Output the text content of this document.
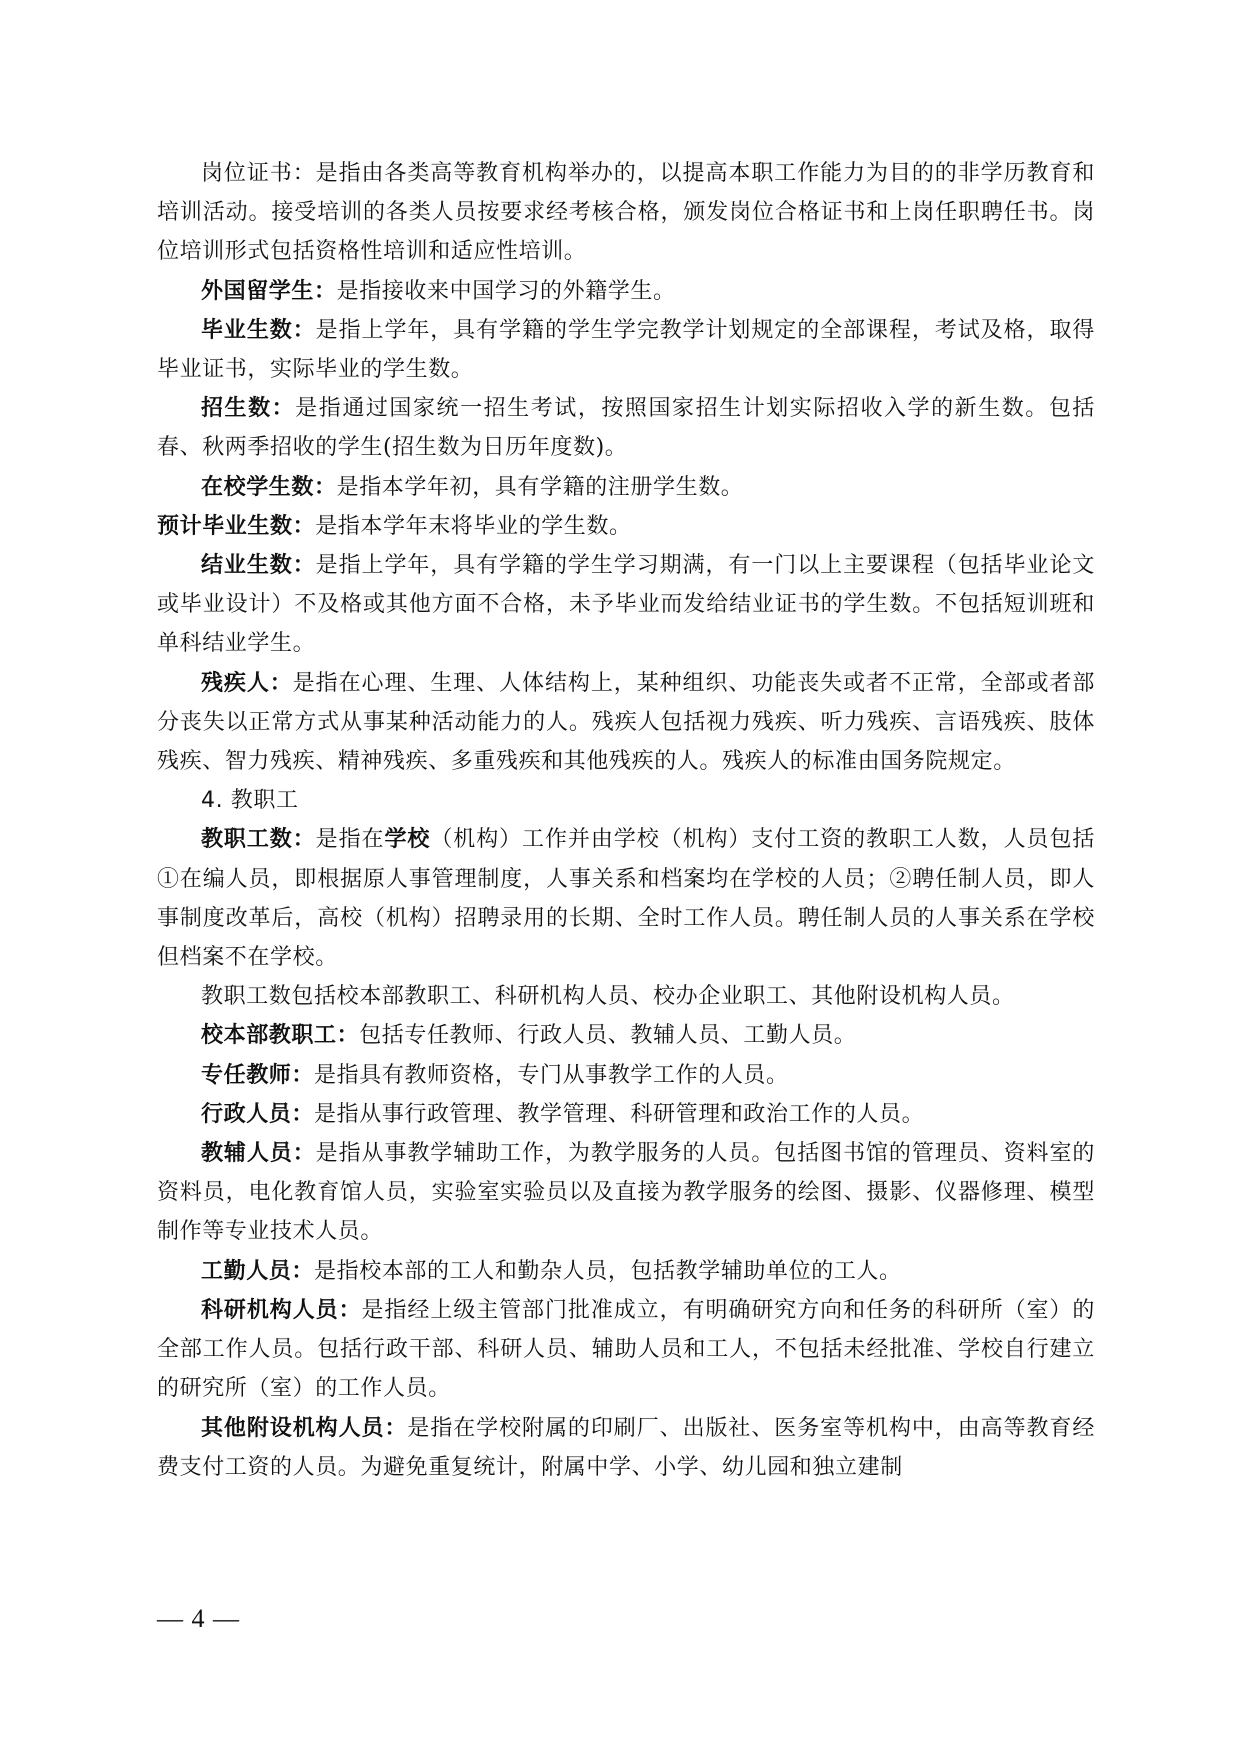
岗位证书：是指由各类高等教育机构举办的，以提高本职工作能力为目的的非学历教育和培训活动。接受培训的各类人员按要求经考核合格，颁发岗位合格证书和上岗任职聘任书。岗位培训形式包括资格性培训和适应性培训。

外国留学生：是指接收来中国学习的外籍学生。

毕业生数：是指上学年，具有学籍的学生学完教学计划规定的全部课程，考试及格，取得毕业证书，实际毕业的学生数。

招生数：是指通过国家统一招生考试，按照国家招生计划实际招收入学的新生数。包括春、秋两季招收的学生(招生数为日历年度数)。

在校学生数：是指本学年初，具有学籍的注册学生数。

预计毕业生数：是指本学年末将毕业的学生数。

结业生数：是指上学年，具有学籍的学生学习期满，有一门以上主要课程（包括毕业论文或毕业设计）不及格或其他方面不合格，未予毕业而发给结业证书的学生数。不包括短训班和单科结业学生。

残疾人：是指在心理、生理、人体结构上，某种组织、功能丧失或者不正常，全部或者部分丧失以正常方式从事某种活动能力的人。残疾人包括视力残疾、听力残疾、言语残疾、肢体残疾、智力残疾、精神残疾、多重残疾和其他残疾的人。残疾人的标准由国务院规定。

4. 教职工

教职工数：是指在学校（机构）工作并由学校（机构）支付工资的教职工人数，人员包括①在编人员，即根据原人事管理制度，人事关系和档案均在学校的人员；②聘任制人员，即人事制度改革后，高校（机构）招聘录用的长期、全时工作人员。聘任制人员的人事关系在学校但档案不在学校。

教职工数包括校本部教职工、科研机构人员、校办企业职工、其他附设机构人员。

校本部教职工：包括专任教师、行政人员、教辅人员、工勤人员。

专任教师：是指具有教师资格，专门从事教学工作的人员。

行政人员：是指从事行政管理、教学管理、科研管理和政治工作的人员。

教辅人员：是指从事教学辅助工作，为教学服务的人员。包括图书馆的管理员、资料室的资料员，电化教育馆人员，实验室实验员以及直接为教学服务的绘图、摄影、仪器修理、模型制作等专业技术人员。

工勤人员：是指校本部的工人和勤杂人员，包括教学辅助单位的工人。

科研机构人员：是指经上级主管部门批准成立，有明确研究方向和任务的科研所（室）的全部工作人员。包括行政干部、科研人员、辅助人员和工人，不包括未经批准、学校自行建立的研究所（室）的工作人员。

其他附设机构人员：是指在学校附属的印刷厂、出版社、医务室等机构中，由高等教育经费支付工资的人员。为避免重复统计，附属中学、小学、幼儿园和独立建制

— 4 —
